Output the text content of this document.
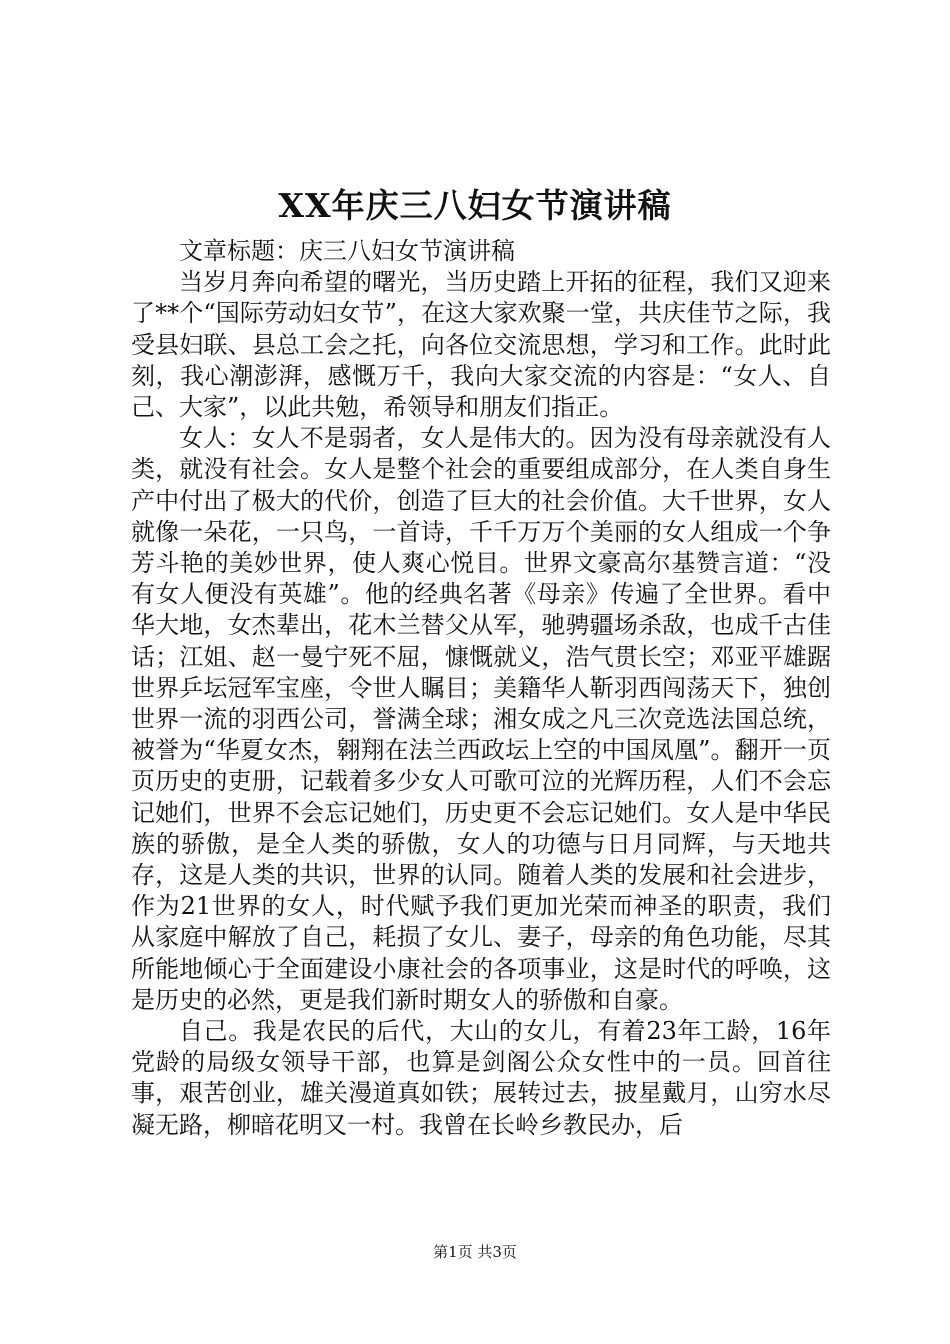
XX年庆三八妇女节演讲稿

文章标题：庆三八妇女节演讲稿

当岁月奔向希望的曙光，当历史踏上开拓的征程，我们又迎来了**个“国际劳动妇女节”，在这大家欢聚一堂，共庆佳节之际，我受县妇联、县总工会之托，向各位交流思想，学习和工作。此时此刻，我心潮澎湃，感慨万千，我向大家交流的内容是：“女人、自己、大家”，以此共勉，希领导和朋友们指正。

女人：女人不是弱者，女人是伟大的。因为没有母亲就没有人类，就没有社会。女人是整个社会的重要组成部分，在人类自身生产中付出了极大的代价，创造了巨大的社会价值。大千世界，女人就像一朵花，一只鸟，一首诗，千千万万个美丽的女人组成一个争芳斗艳的美妙世界，使人爽心悦目。世界文豪高尔基赞言道：“没有女人便没有英雄”。他的经典名著《母亲》传遍了全世界。看中华大地，女杰辈出，花木兰替父从军，驰骋疆场杀敌，也成千古佳话；江姐、赵一曼宁死不屈，慷慨就义，浩气贯长空；邓亚平雄踞世界乒坛冠军宝座，令世人瞩目；美籍华人靳羽西闯荡天下，独创世界一流的羽西公司，誉满全球；湘女成之凡三次竞选法国总统，被誉为“华夏女杰，翱翔在法兰西政坛上空的中国凤凰”。翻开一页页历史的吏册，记载着多少女人可歌可泣的光辉历程，人们不会忘记她们，世界不会忘记她们，历史更不会忘记她们。女人是中华民族的骄傲，是全人类的骄傲，女人的功德与日月同辉，与天地共存，这是人类的共识，世界的认同。随着人类的发展和社会进步，作为21世界的女人，时代赋予我们更加光荣而神圣的职责，我们从家庭中解放了自己，耗损了女儿、妻子，母亲的角色功能，尽其所能地倾心于全面建设小康社会的各项事业，这是时代的呼唤，这是历史的必然，更是我们新时期女人的骄傲和自豪。

自己。我是农民的后代，大山的女儿，有着23年工龄，16年党龄的局级女领导干部，也算是剑阁公众女性中的一员。回首往事，艰苦创业，雄关漫道真如铁；展转过去，披星戴月，山穷水尽凝无路，柳暗花明又一村。我曾在长岭乡教民办，后

第1页 共3页
